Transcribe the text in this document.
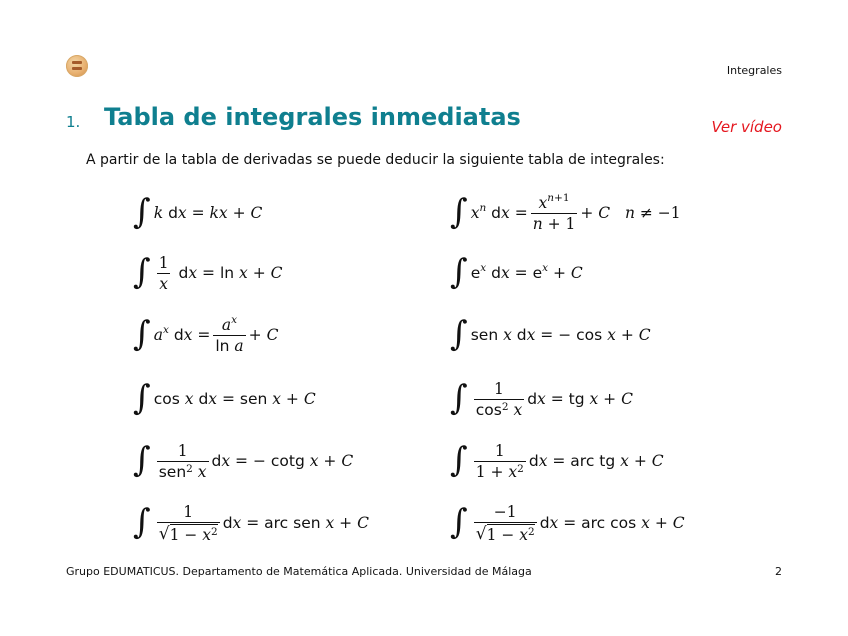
Integrales
1. Tabla de integrales inmediatas	Ver vídeo
A partir de la tabla de derivadas se puede deducir la siguiente tabla de integrales:
∫ k dx = kx + C
∫ $\frac{1}{x}$ dx = ln x + C
∫ $a^x$ dx = $\frac{a^x}{\text{ln a}} + C$
∫ cos x dx = sen x + C
∫ $\frac{1}{sen^2 x}$ dx = − cotg x + C
∫ $\frac{1}{√ 1 - x^2}$ dx = arc sen x + C
∫ $x^n$ dx = $\frac{x^{n+1}}{n + 1} + C$ n ≠ −1
∫ $e^x$ dx = $e^x + C$
∫ sen x dx = − cos x + C
∫ $\frac{1}{\cos^2 x}$ dx = tg x + C
∫ $\frac{1}{1 + x^2}$ dx = arc tg x + C
∫ $\frac{-1}{√ 1 - x^2}$ dx = arc cos x + C
Grupo EDUMATICUS. Departamento de Matemática Aplicada. Universidad de Málaga	2
